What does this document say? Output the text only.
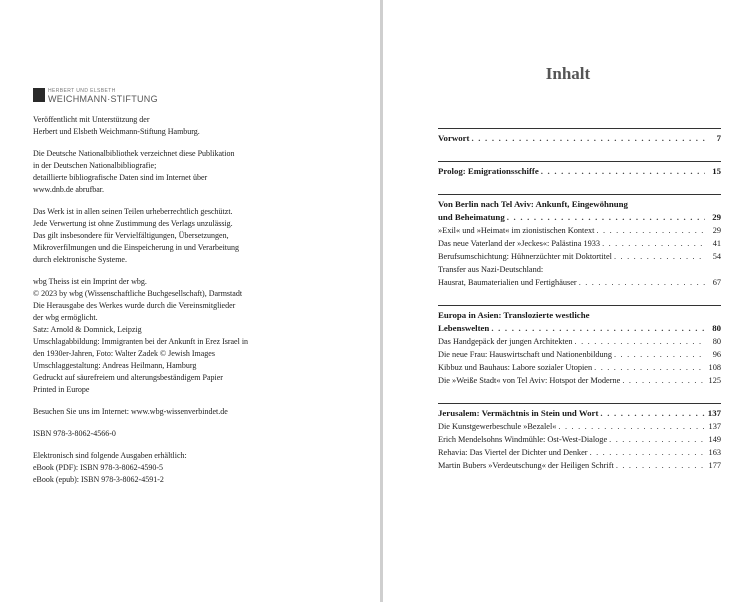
HERBERT UND ELSBETH
WEICHMANN·STIFTUNG
Veröffentlicht mit Unterstützung der
Herbert und Elsbeth Weichmann-Stiftung Hamburg.
Die Deutsche Nationalbibliothek verzeichnet diese Publikation
in der Deutschen Nationalbibliografie;
detaillierte bibliografische Daten sind im Internet über
www.dnb.de abrufbar.
Das Werk ist in allen seinen Teilen urheberrechtlich geschützt.
Jede Verwertung ist ohne Zustimmung des Verlags unzulässig.
Das gilt insbesondere für Vervielfältigungen, Übersetzungen,
Mikroverfilmungen und die Einspeicherung in und Verarbeitung
durch elektronische Systeme.
wbg Theiss ist ein Imprint der wbg.
© 2023 by wbg (Wissenschaftliche Buchgesellschaft), Darmstadt
Die Herausgabe des Werkes wurde durch die Vereinsmitglieder
der wbg ermöglicht.
Satz: Arnold & Domnick, Leipzig
Umschlagabbildung: Immigranten bei der Ankunft in Erez Israel in
den 1930er-Jahren, Foto: Walter Zadek © Jewish Images
Umschlaggestaltung: Andreas Heilmann, Hamburg
Gedruckt auf säurefreiem und alterungsbeständigem Papier
Printed in Europe
Besuchen Sie uns im Internet: www.wbg-wissenverbindet.de
ISBN 978-3-8062-4566-0
Elektronisch sind folgende Ausgaben erhältlich:
eBook (PDF): ISBN 978-3-8062-4590-5
eBook (epub): ISBN 978-3-8062-4591-2
Inhalt
Vorwort . . .	7
Prolog: Emigrationsschiffe . . .	15
Von Berlin nach Tel Aviv: Ankunft, Eingewöhnung
und Beheimatung . . .	29
»Exil« und »Heimat« im zionistischen Kontext . . .	29
Das neue Vaterland der »Jeckes«: Palästina 1933 . . .	41
Berufsumschichtung: Hühnerzüchter mit Doktortitel . . .	54
Transfer aus Nazi-Deutschland:
Hausrat, Baumaterialien und Fertighäuser . . .	67
Europa in Asien: Translozierte westliche
Lebenswelten . . .	80
Das Handgepäck der jungen Architekten . . .	80
Die neue Frau: Hauswirtschaft und Nationenbildung . . .	96
Kibbuz und Bauhaus: Labore sozialer Utopien . . .	108
Die »Weiße Stadt« von Tel Aviv: Hotspot der Moderne . . .	125
Jerusalem: Vermächtnis in Stein und Wort . . .	137
Die Kunstgewerbeschule »Bezalel« . . .	137
Erich Mendelsohns Windmühle: Ost-West-Dialoge . . .	149
Rehavia: Das Viertel der Dichter und Denker . . .	163
Martin Bubers »Verdeutschung« der Heiligen Schrift . . .	177
